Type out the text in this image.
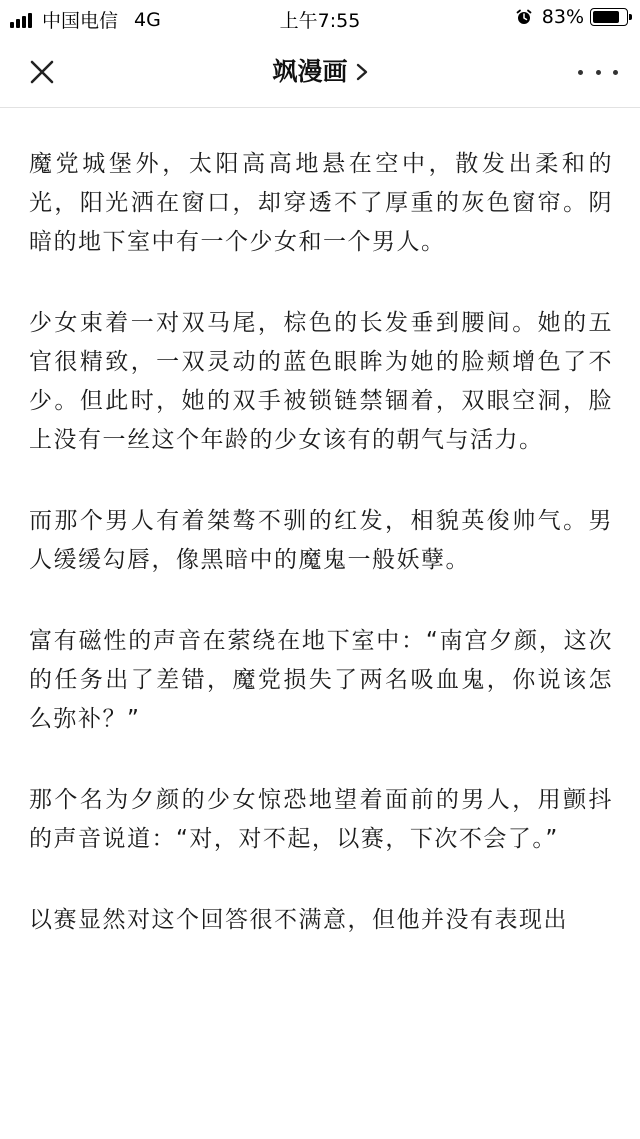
中国电信 4G	上午7:55	83%
飒漫画

魔党城堡外，太阳高高地悬在空中，散发出柔和的光，阳光洒在窗口，却穿透不了厚重的灰色窗帘。阴暗的地下室中有一个少女和一个男人。

少女束着一对双马尾，棕色的长发垂到腰间。她的五官很精致，一双灵动的蓝色眼眸为她的脸颊增色了不少。但此时，她的双手被锁链禁锢着，双眼空洞，脸上没有一丝这个年龄的少女该有的朝气与活力。

而那个男人有着桀骜不驯的红发，相貌英俊帅气。男人缓缓勾唇，像黑暗中的魔鬼一般妖孽。

富有磁性的声音在萦绕在地下室中：“南宫夕颜，这次的任务出了差错，魔党损失了两名吸血鬼，你说该怎么弥补？”

那个名为夕颜的少女惊恐地望着面前的男人，用颤抖的声音说道：“对，对不起，以赛，下次不会了。”

以赛显然对这个回答很不满意，但他并没有表现出
